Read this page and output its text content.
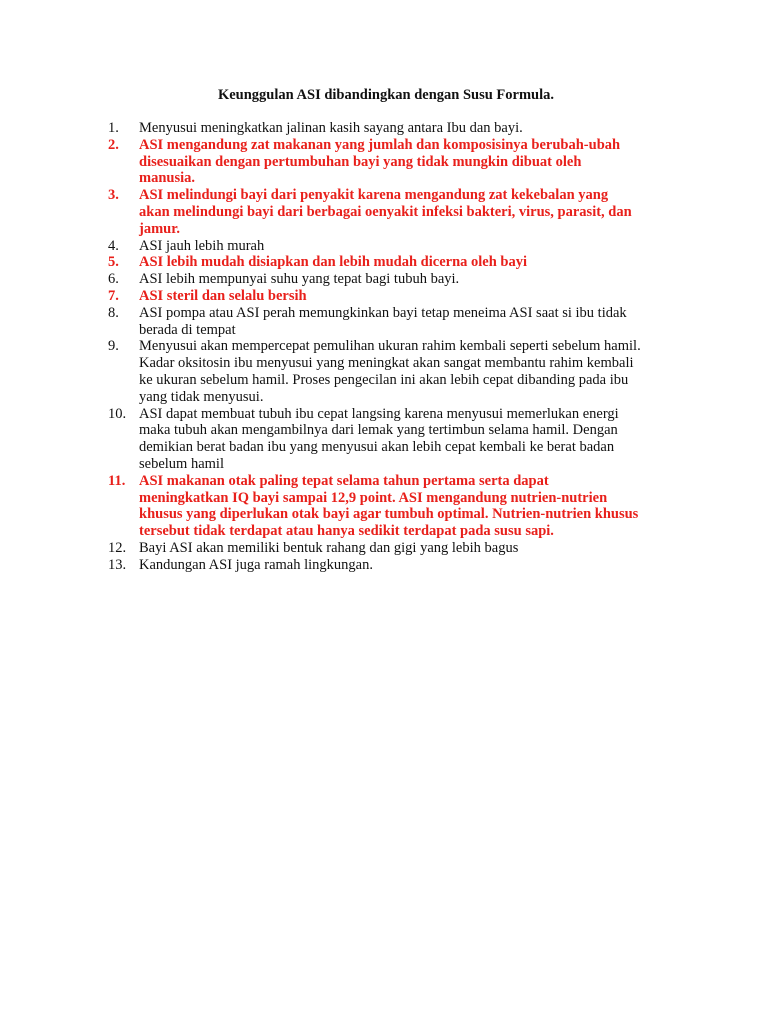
Keunggulan ASI dibandingkan dengan Susu Formula.
1.	Menyusui meningkatkan jalinan kasih sayang antara Ibu dan bayi.
2.	ASI mengandung zat makanan yang jumlah dan komposisinya berubah-ubah
disesuaikan dengan pertumbuhan bayi yang tidak mungkin dibuat oleh
manusia.
3.	ASI melindungi bayi dari penyakit karena mengandung zat kekebalan yang
akan melindungi bayi dari berbagai oenyakit infeksi bakteri, virus, parasit, dan
jamur.
4.	ASI jauh lebih murah
5.	ASI lebih mudah disiapkan dan lebih mudah dicerna oleh bayi
6.	ASI lebih mempunyai suhu yang tepat bagi tubuh bayi.
7.	ASI steril dan selalu bersih
8.	ASI pompa atau ASI perah memungkinkan bayi tetap meneima ASI saat si ibu tidak
berada di tempat
9.	Menyusui akan mempercepat pemulihan ukuran rahim kembali seperti sebelum hamil.
Kadar oksitosin ibu menyusui yang meningkat akan sangat membantu rahim kembali
ke ukuran sebelum hamil. Proses pengecilan ini akan lebih cepat dibanding pada ibu
yang tidak menyusui.
10. ASI dapat membuat tubuh ibu cepat langsing karena menyusui memerlukan energi
maka tubuh akan mengambilnya dari lemak yang tertimbun selama hamil. Dengan
demikian berat badan ibu yang menyusui akan lebih cepat kembali ke berat badan
sebelum hamil
11. ASI makanan otak paling tepat selama tahun pertama serta dapat
meningkatkan IQ bayi sampai 12,9 point. ASI mengandung nutrien-nutrien
khusus yang diperlukan otak bayi agar tumbuh optimal. Nutrien-nutrien khusus
tersebut tidak terdapat atau hanya sedikit terdapat pada susu sapi.
12. Bayi ASI akan memiliki bentuk rahang dan gigi yang lebih bagus
13. Kandungan ASI juga ramah lingkungan.
